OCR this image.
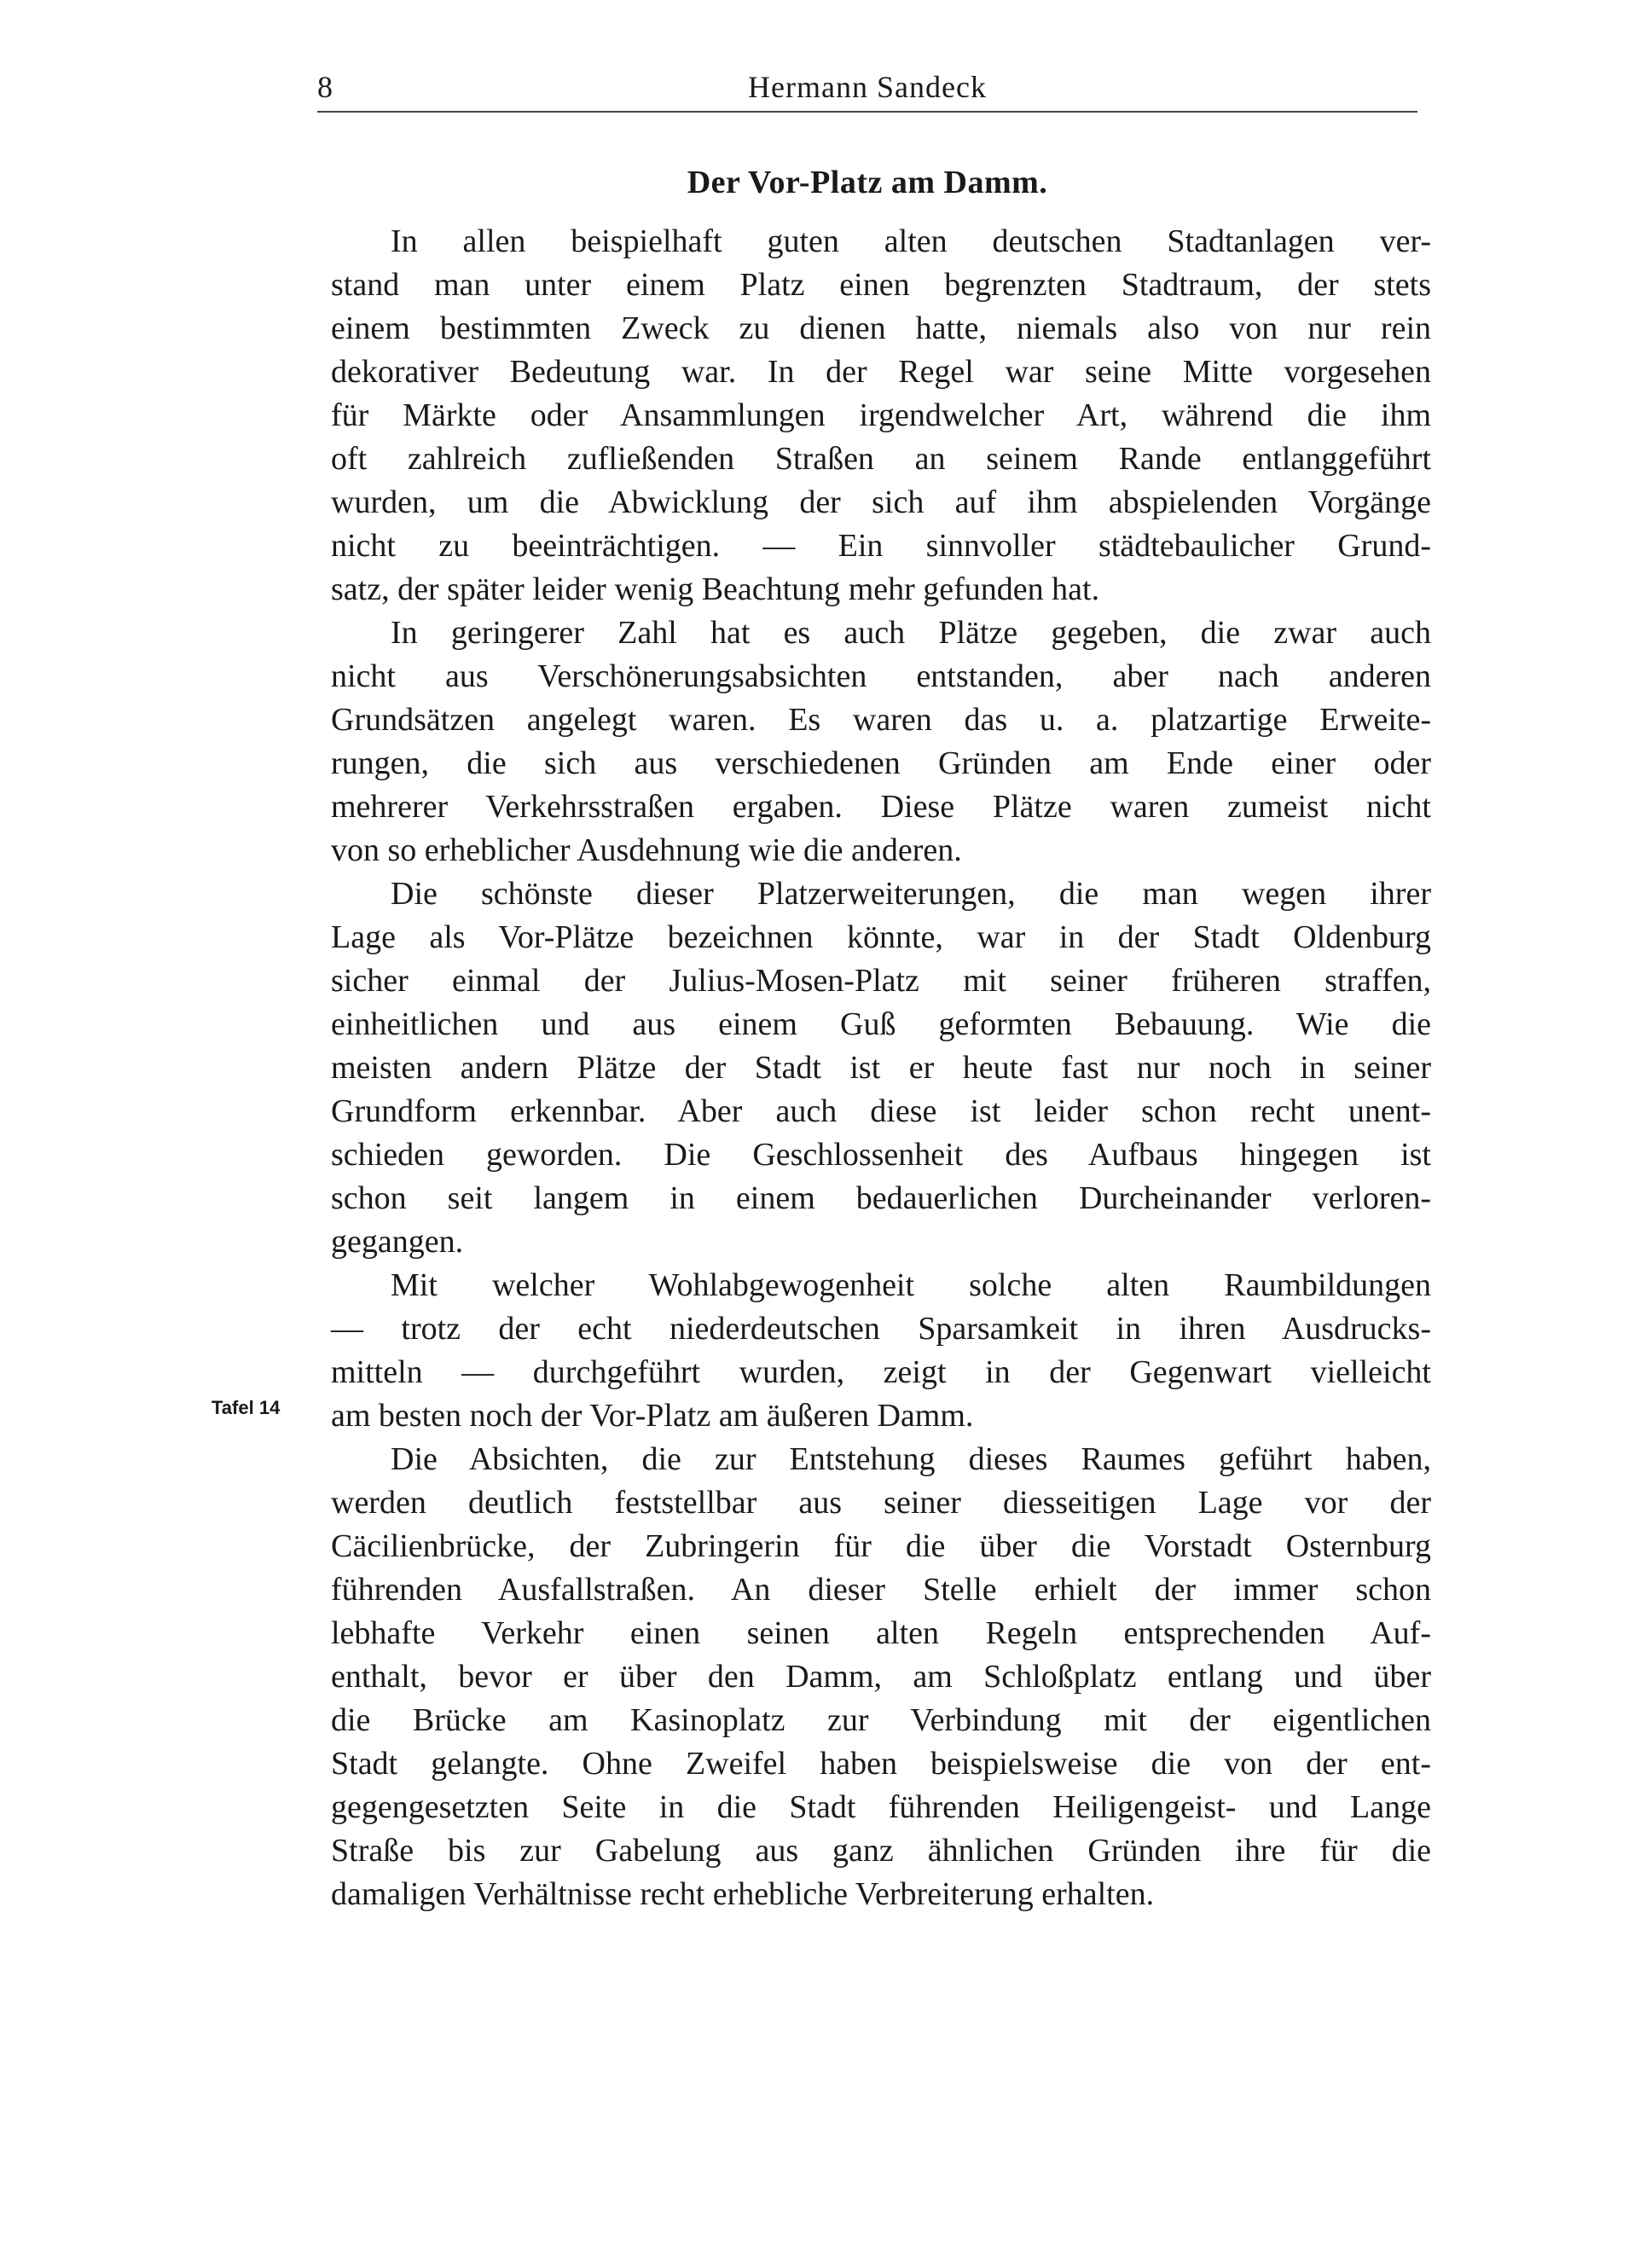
8	Hermann Sandeck
Der Vor-Platz am Damm.
Tafel 14
In allen beispielhaft guten alten deutschen Stadtanlagen ver-
stand man unter einem Platz einen begrenzten Stadtraum, der stets
einem bestimmten Zweck zu dienen hatte, niemals also von nur rein
dekorativer Bedeutung war. In der Regel war seine Mitte vorgesehen
für Märkte oder Ansammlungen irgendwelcher Art, während die ihm
oft zahlreich zufließenden Straßen an seinem Rande entlanggeführt
wurden, um die Abwicklung der sich auf ihm abspielenden Vorgänge
nicht zu beeinträchtigen. — Ein sinnvoller städtebaulicher Grund-
satz, der später leider wenig Beachtung mehr gefunden hat.
In geringerer Zahl hat es auch Plätze gegeben, die zwar auch
nicht aus Verschönerungsabsichten entstanden, aber nach anderen
Grundsätzen angelegt waren. Es waren das u. a. platzartige Erweite-
rungen, die sich aus verschiedenen Gründen am Ende einer oder
mehrerer Verkehrsstraßen ergaben. Diese Plätze waren zumeist nicht
von so erheblicher Ausdehnung wie die anderen.
Die schönste dieser Platzerweiterungen, die man wegen ihrer
Lage als Vor-Plätze bezeichnen könnte, war in der Stadt Oldenburg
sicher einmal der Julius-Mosen-Platz mit seiner früheren straffen,
einheitlichen und aus einem Guß geformten Bebauung. Wie die
meisten andern Plätze der Stadt ist er heute fast nur noch in seiner
Grundform erkennbar. Aber auch diese ist leider schon recht unent-
schieden geworden. Die Geschlossenheit des Aufbaus hingegen ist
schon seit langem in einem bedauerlichen Durcheinander verloren-
gegangen.
Mit welcher Wohlabgewogenheit solche alten Raumbildungen
— trotz der echt niederdeutschen Sparsamkeit in ihren Ausdrucks-
mitteln — durchgeführt wurden, zeigt in der Gegenwart vielleicht
am besten noch der Vor-Platz am äußeren Damm.
Die Absichten, die zur Entstehung dieses Raumes geführt haben,
werden deutlich feststellbar aus seiner diesseitigen Lage vor der
Cäcilienbrücke, der Zubringerin für die über die Vorstadt Osternburg
führenden Ausfallstraßen. An dieser Stelle erhielt der immer schon
lebhafte Verkehr einen seinen alten Regeln entsprechenden Auf-
enthalt, bevor er über den Damm, am Schloßplatz entlang und über
die Brücke am Kasinoplatz zur Verbindung mit der eigentlichen
Stadt gelangte. Ohne Zweifel haben beispielsweise die von der ent-
gegengesetzten Seite in die Stadt führenden Heiligengeist- und Lange
Straße bis zur Gabelung aus ganz ähnlichen Gründen ihre für die
damaligen Verhältnisse recht erhebliche Verbreiterung erhalten.
